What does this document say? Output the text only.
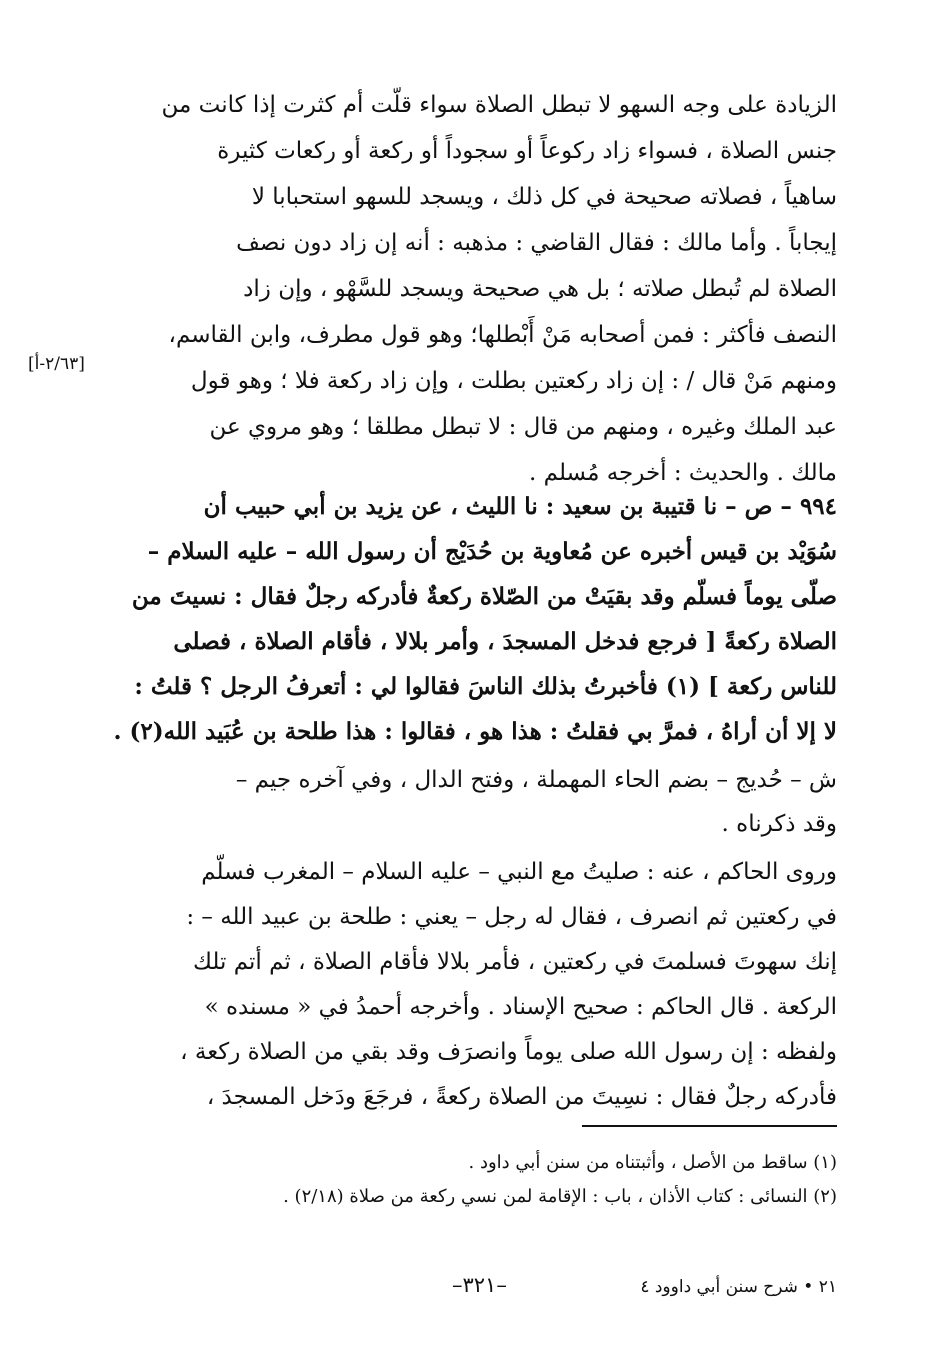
الزيادة على وجه السهو لا تبطل الصلاة سواء قلّت أم كثرت إذا كانت من
جنس الصلاة ، فسواء زاد ركوعاً أو سجوداً أو ركعة أو ركعات كثيرة
ساهياً ، فصلاته صحيحة في كل ذلك ، ويسجد للسهو استحبابا لا
إيجاباً . وأما مالك : فقال القاضي : مذهبه : أنه إن زاد دون نصف
الصلاة لم تُبطل صلاته ؛ بل هي صحيحة ويسجد للسَّهْو ، وإن زاد
النصف فأكثر : فمن أصحابه مَنْ أَبْطلها؛ وهو قول مطرف، وابن القاسم،
ومنهم مَنْ قال / : إن زاد ركعتين بطلت ، وإن زاد ركعة فلا ؛ وهو قول
عبد الملك وغيره ، ومنهم من قال : لا تبطل مطلقا ؛ وهو مروي عن
مالك . والحديث : أخرجه مُسلم .
[٢/٦٣-أ]
٩٩٤ – ص – نا قتيبة بن سعيد : نا الليث ، عن يزيد بن أبي حبيب أن
سُوَيْد بن قيس أخبره عن مُعاوية بن حُدَيْج أن رسول الله – عليه السلام –
صلّى يوماً فسلّم وقد بقيَتْ من الصّلاة ركعةٌ فأدركه رجلٌ فقال : نسيتَ من
الصلاة ركعةً [ فرجع فدخل المسجدَ ، وأمر بلالا ، فأقام الصلاة ، فصلى
للناس ركعة ] (١) فأخبرتُ بذلك الناسَ فقالوا لي : أتعرفُ الرجل ؟ قلتُ :
لا إلا أن أراهُ ، فمرَّ بي فقلتُ : هذا هو ، فقالوا : هذا طلحة بن عُبَيد الله(٢) .
ش – حُديج – بضم الحاء المهملة ، وفتح الدال ، وفي آخره جيم –
وقد ذكرناه .
وروى الحاكم ، عنه : صليتُ مع النبي – عليه السلام – المغرب فسلّم
في ركعتين ثم انصرف ، فقال له رجل – يعني : طلحة بن عبيد الله – :
إنك سهوتَ فسلمتَ في ركعتين ، فأمر بلالا فأقام الصلاة ، ثم أتم تلك
الركعة . قال الحاكم : صحيح الإسناد . وأخرجه أحمدُ في « مسنده »
ولفظه : إن رسول الله صلى يوماً وانصرَف وقد بقي من الصلاة ركعة ،
فأدركه رجلٌ فقال : نسِيتَ من الصلاة ركعةً ، فرجَعَ ودَخل المسجدَ ،
(١) ساقط من الأصل ، وأثبتناه من سنن أبي داود .
(٢) النسائى : كتاب الأذان ، باب : الإقامة لمن نسي ركعة من صلاة (٢/١٨) .
٢١ • شرح سنن أبي داوود ٤
–٣٢١–
